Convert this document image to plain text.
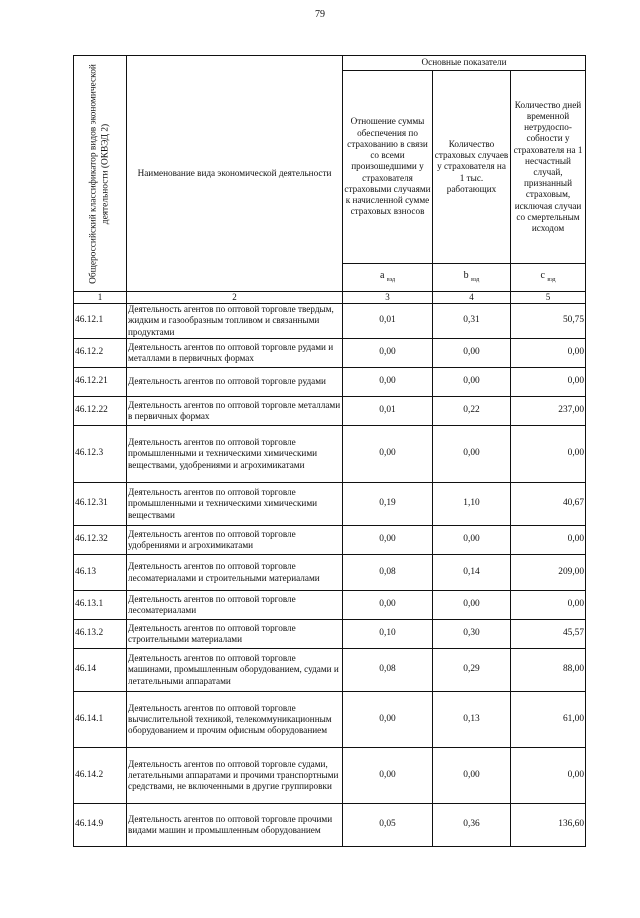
79
Общероссийский классификатор видов экономической деятельности (ОКВЭД 2)	Наименование вида экономической деятельности	Основные показатели		
		Отношение суммы обеспечения по страхованию в связи со всеми произошедшими у страхователя страховыми случаями к начисленной сумме страховых взносов	Количество страховых случаев у страхователя на 1 тыс. работающих	Количество дней временной нетрудоспо-собности у страхователя на 1 несчастный случай, признанный страховым, исключая случаи со смертельным исходом
		a $_{вэд}$	b $_{вэд}$	c $_{вэд}$
1	2	3	4	5
46.12.1	Деятельность агентов по оптовой торговле твердым, жидким и газообразным топливом и связанными продуктами	0,01	0,31	50,75
46.12.2	Деятельность агентов по оптовой торговле рудами и металлами в первичных формах	0,00	0,00	0,00
46.12.21	Деятельность агентов по оптовой торговле рудами	0,00	0,00	0,00
46.12.22	Деятельность агентов по оптовой торговле металлами в первичных формах	0,01	0,22	237,00
46.12.3	Деятельность агентов по оптовой торговле промышленными и техническими химическими веществами, удобрениями и агрохимикатами	0,00	0,00	0,00
46.12.31	Деятельность агентов по оптовой торговле промышленными и техническими химическими веществами	0,19	1,10	40,67
46.12.32	Деятельность агентов по оптовой торговле удобрениями и агрохимикатами	0,00	0,00	0,00
46.13	Деятельность агентов по оптовой торговле лесоматериалами и строительными материалами	0,08	0,14	209,00
46.13.1	Деятельность агентов по оптовой торговле лесоматериалами	0,00	0,00	0,00
46.13.2	Деятельность агентов по оптовой торговле строительными материалами	0,10	0,30	45,57
46.14	Деятельность агентов по оптовой торговле машинами, промышленным оборудованием, судами и летательными аппаратами	0,08	0,29	88,00
46.14.1	Деятельность агентов по оптовой торговле вычислительной техникой, телекоммуникационным оборудованием и прочим офисным оборудованием	0,00	0,13	61,00
46.14.2	Деятельность агентов по оптовой торговле судами, летательными аппаратами и прочими транспортными средствами, не включенными в другие группировки	0,00	0,00	0,00
46.14.9	Деятельность агентов по оптовой торговле прочими видами машин и промышленным оборудованием	0,05	0,36	136,60
